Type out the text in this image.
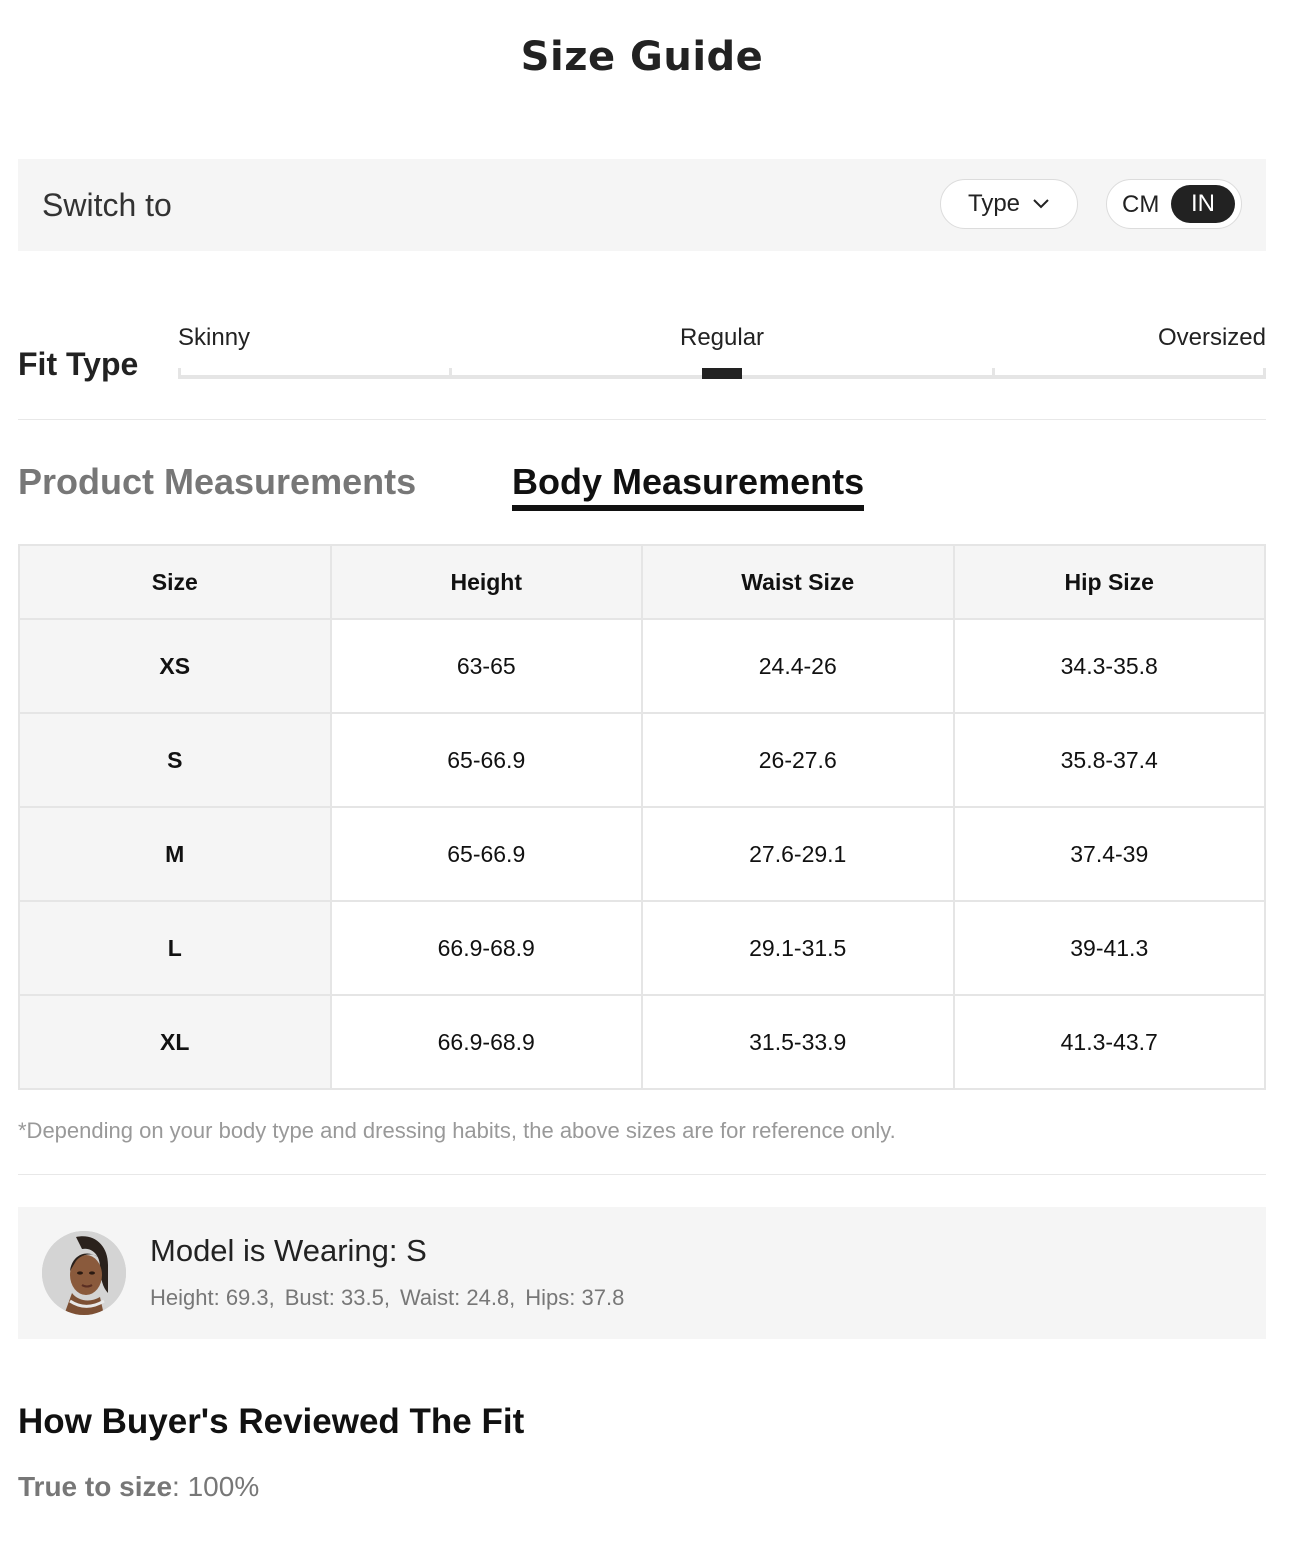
Size Guide
Switch to	Type	CM	IN
Fit Type
Skinny	Regular	Oversized
Product Measurements	Body Measurements
Size	Height	Waist Size	Hip Size
XS	63-65	24.4-26	34.3-35.8
S	65-66.9	26-27.6	35.8-37.4
M	65-66.9	27.6-29.1	37.4-39
L	66.9-68.9	29.1-31.5	39-41.3
XL	66.9-68.9	31.5-33.9	41.3-43.7
*Depending on your body type and dressing habits, the above sizes are for reference only.
Model is Wearing: S
Height: 69.3, Bust: 33.5, Waist: 24.8, Hips: 37.8
How Buyer's Reviewed The Fit
True to size: 100%
